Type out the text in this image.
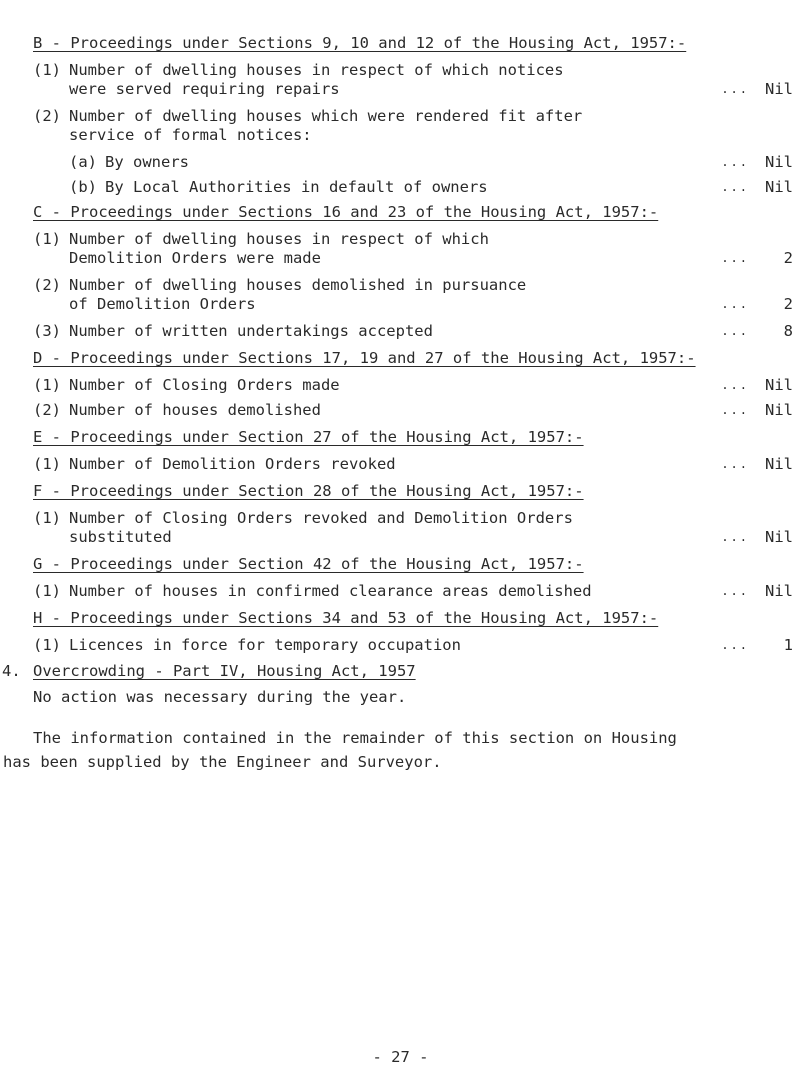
B - Proceedings under Sections 9, 10 and 12 of the Housing Act, 1957:-
(1) Number of dwelling houses in respect of which notices
were served requiring repairs	... Nil
(2) Number of dwelling houses which were rendered fit after
service of formal notices:
(a) By owners	... Nil
(b) By Local Authorities in default of owners	... Nil
C - Proceedings under Sections 16 and 23 of the Housing Act, 1957:-
(1) Number of dwelling houses in respect of which
Demolition Orders were made	... 2
(2) Number of dwelling houses demolished in pursuance
of Demolition Orders	... 2
(3) Number of written undertakings accepted	... 8
D - Proceedings under Sections 17, 19 and 27 of the Housing Act, 1957:-
(1) Number of Closing Orders made	... Nil
(2) Number of houses demolished	... Nil
E - Proceedings under Section 27 of the Housing Act, 1957:-
(1) Number of Demolition Orders revoked	... Nil
F - Proceedings under Section 28 of the Housing Act, 1957:-
(1) Number of Closing Orders revoked and Demolition Orders
substituted	... Nil
G - Proceedings under Section 42 of the Housing Act, 1957:-
(1) Number of houses in confirmed clearance areas demolished	... Nil
H - Proceedings under Sections 34 and 53 of the Housing Act, 1957:-
(1) Licences in force for temporary occupation	... 1
4. Overcrowding - Part IV, Housing Act, 1957
No action was necessary during the year.
The information contained in the remainder of this section on Housing
has been supplied by the Engineer and Surveyor.
- 27 -
